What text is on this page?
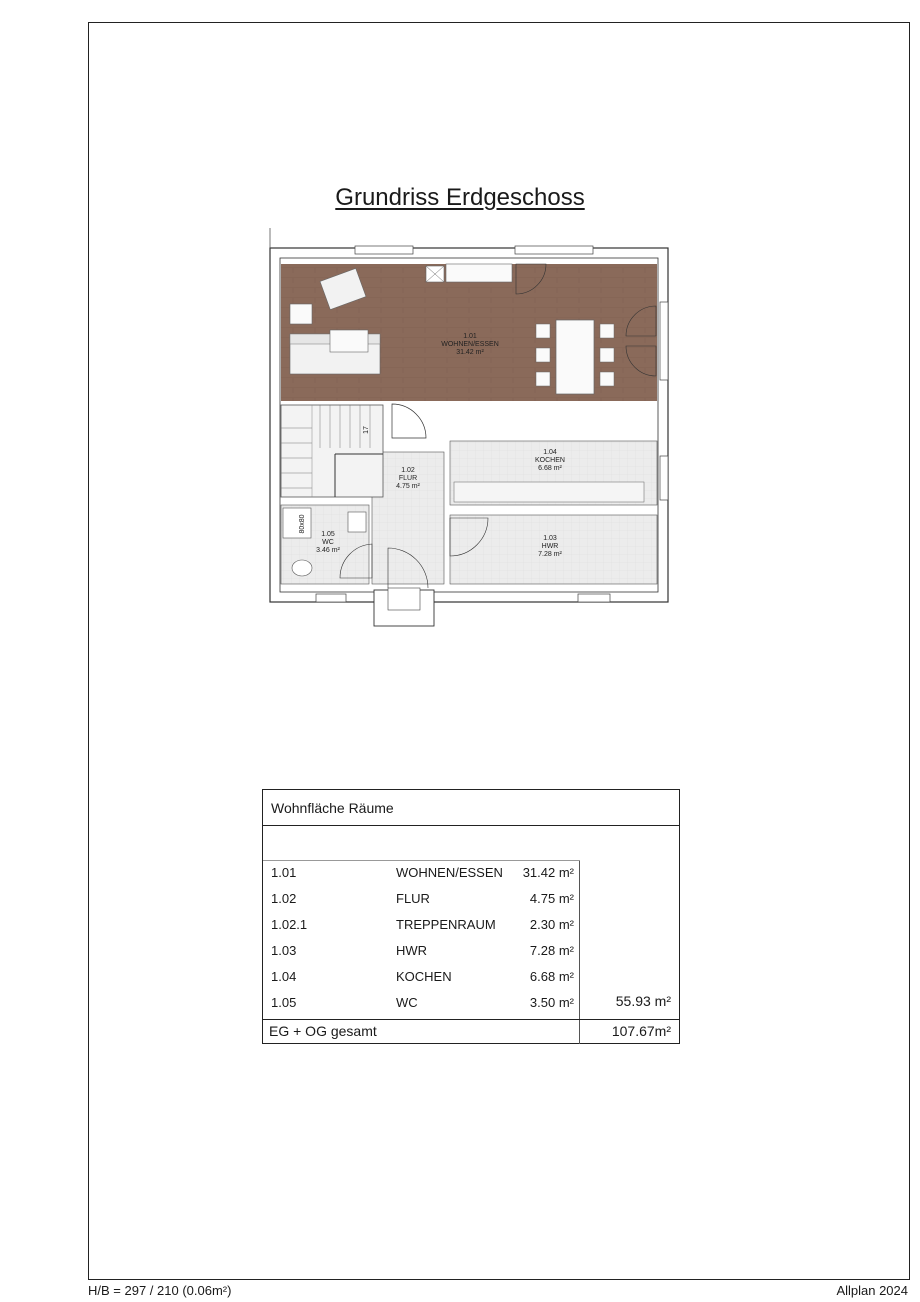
Grundriss Erdgeschoss
17
80x80
1.01
WOHNEN/ESSEN
31.42 m²
1.02
FLUR
4.75 m²
1.03
HWR
7.28 m²
1.04
KOCHEN
6.68 m²
1.05
WC
3.46 m²
Wohnfläche Räume
1.01	WOHNEN/ESSEN 31.42 m²
1.02	FLUR	4.75 m²
1.02.1	TREPPENRAUM	2.30 m²
1.03	HWR	7.28 m²
1.04	KOCHEN	6.68 m²
1.05	WC	3.50 m²	55.93 m²
EG + OG gesamt	107.67m²
H/B = 297 / 210 (0.06m²)	Allplan 2024
